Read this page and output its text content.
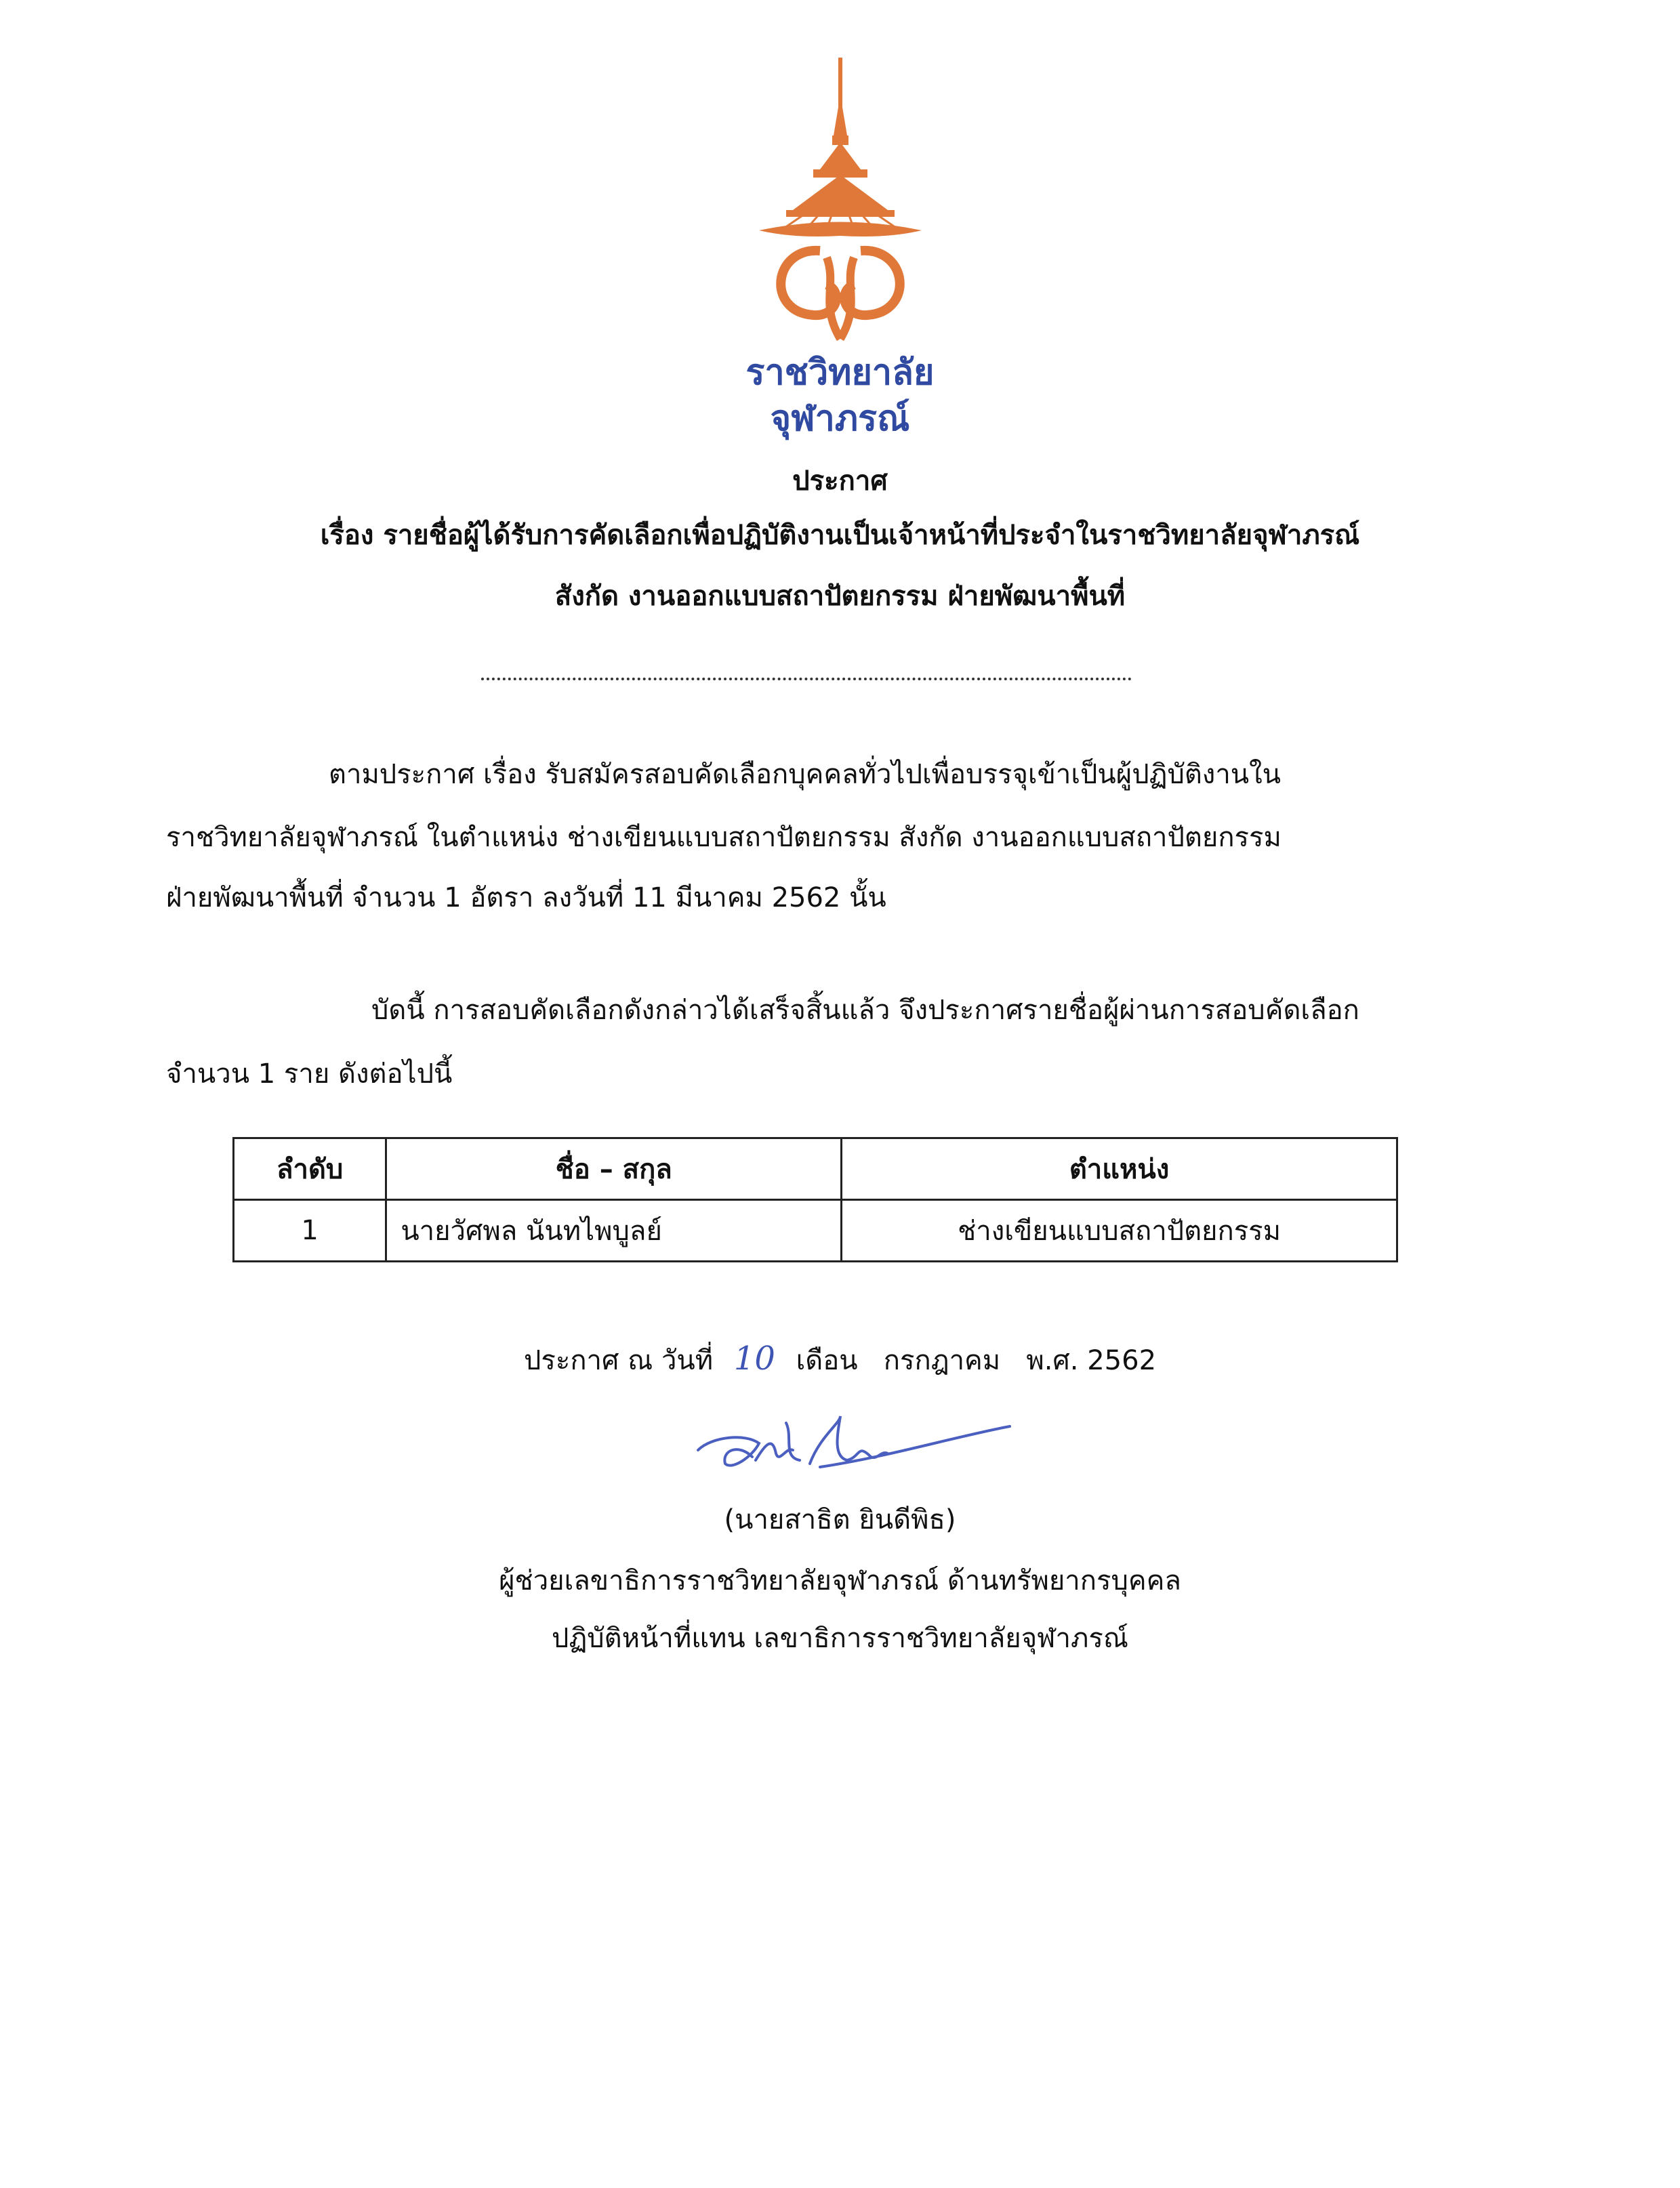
ราชวิทยาลัย
จุฬาภรณ์
ประกาศ
เรื่อง รายชื่อผู้ได้รับการคัดเลือกเพื่อปฏิบัติงานเป็นเจ้าหน้าที่ประจำในราชวิทยาลัยจุฬาภรณ์
สังกัด งานออกแบบสถาปัตยกรรม ฝ่ายพัฒนาพื้นที่
ตามประกาศ เรื่อง รับสมัครสอบคัดเลือกบุคคลทั่วไปเพื่อบรรจุเข้าเป็นผู้ปฏิบัติงานใน
ราชวิทยาลัยจุฬาภรณ์ ในตำแหน่ง ช่างเขียนแบบสถาปัตยกรรม สังกัด งานออกแบบสถาปัตยกรรม
ฝ่ายพัฒนาพื้นที่ จำนวน 1 อัตรา ลงวันที่ 11 มีนาคม 2562 นั้น
บัดนี้ การสอบคัดเลือกดังกล่าวได้เสร็จสิ้นแล้ว จึงประกาศรายชื่อผู้ผ่านการสอบคัดเลือก
จำนวน 1 ราย ดังต่อไปนี้
ลำดับ	ชื่อ – สกุล	ตำแหน่ง
1	นายวัศพล นันทไพบูลย์	ช่างเขียนแบบสถาปัตยกรรม
ประกาศ ณ วันที่ 10 เดือน กรกฎาคม พ.ศ. 2562
(นายสาธิต ยินดีพิธ)
ผู้ช่วยเลขาธิการราชวิทยาลัยจุฬาภรณ์ ด้านทรัพยากรบุคคล
ปฏิบัติหน้าที่แทน เลขาธิการราชวิทยาลัยจุฬาภรณ์
